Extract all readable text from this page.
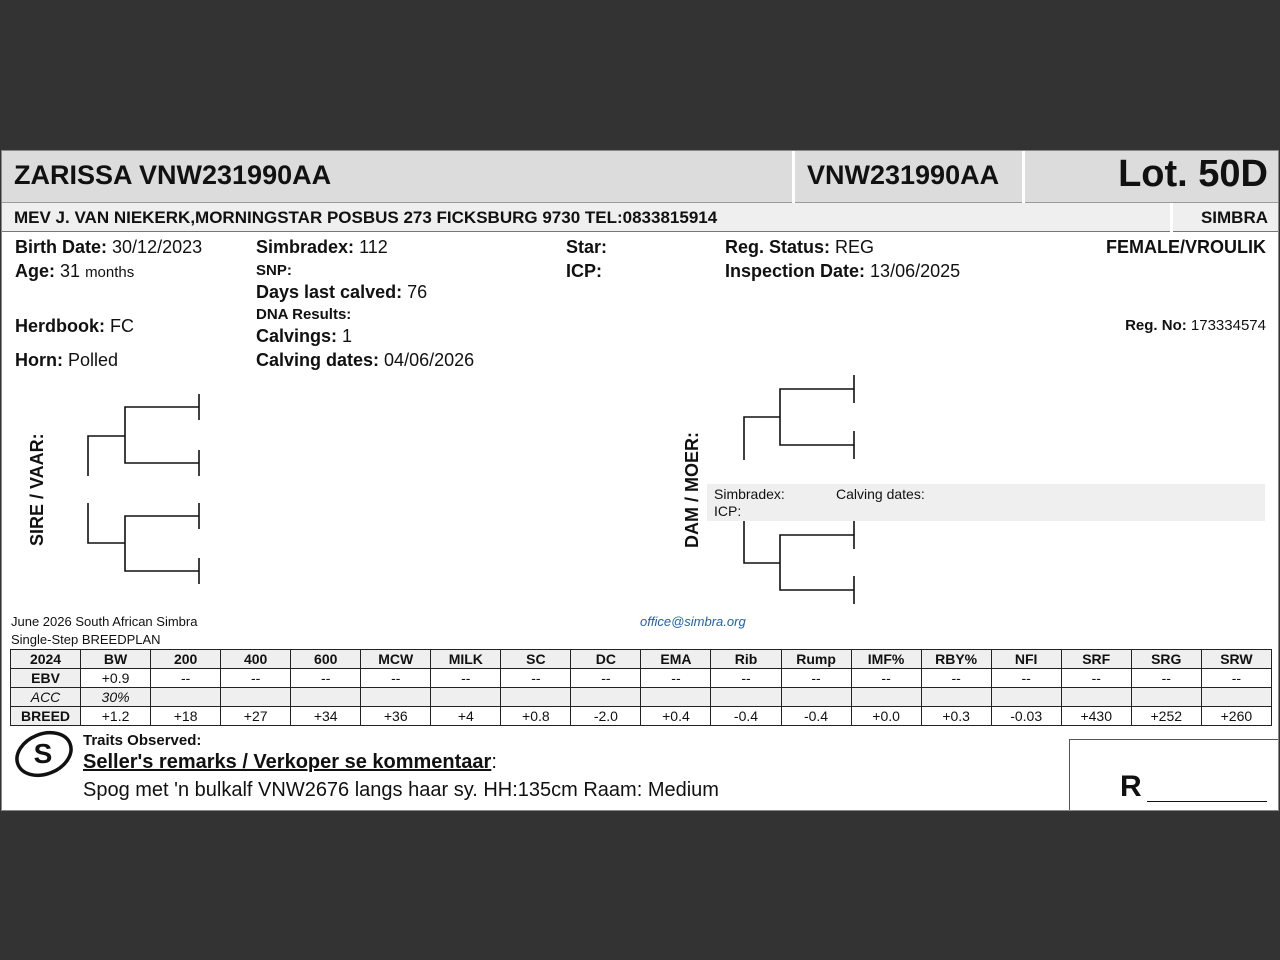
ZARISSA VNW231990AA	VNW231990AA	Lot. 50D
MEV J. VAN NIEKERK,MORNINGSTAR POSBUS 273 FICKSBURG 9730 TEL:0833815914	SIMBRA
Birth Date: 30/12/2023
Age: 31 months
Herdbook: FC
Horn: Polled
Simbradex: 112
SNP:
Days last calved: 76
DNA Results:
Calvings: 1
Calving dates: 04/06/2026
Star:
ICP:
Reg. Status: REG
Inspection Date: 13/06/2025
FEMALE/VROULIK
Reg. No: 173334574
SIRE / VAAR:	DAM / MOER: Simbradex:	Calving dates:
ICP:
June 2026 South African Simbra
Single-Step BREEDPLAN
office@simbra.org
2024	BW	200	400	600	MCW	MILK	SC	DC	EMA	Rib	Rump	IMF%	RBY%	NFI	SRF	SRG	SRW
EBV	+0.9	--	--	--	--	--	--	--	--	--	--	--	--	--	--	--	--
ACC	30%																
BREED	+1.2	+18	+27	+34	+36	+4	+0.8	-2.0	+0.4	-0.4	-0.4	+0.0	+0.3	-0.03	+430	+252	+260
S Traits Observed:
Seller's remarks / Verkoper se kommentaar:
Spog met 'n bulkalf VNW2676 langs haar sy. HH:135cm Raam: Medium	R
